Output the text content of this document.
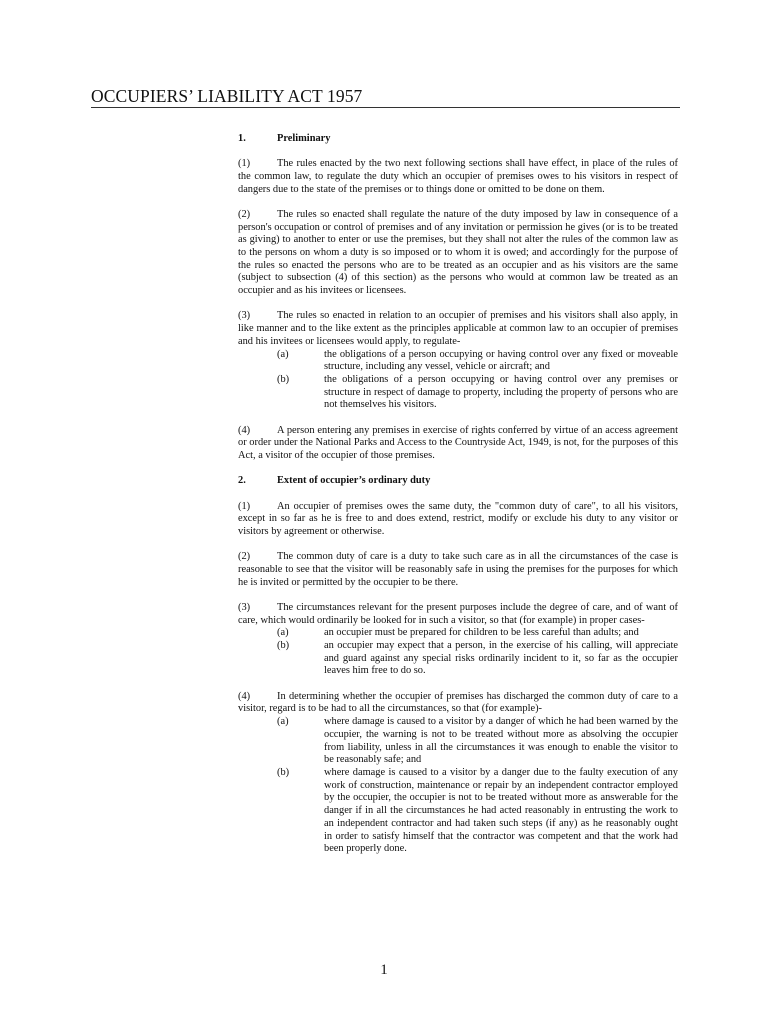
OCCUPIERS’ LIABILITY ACT 1957
1.	Preliminary

(1)	The rules enacted by the two next following sections shall have effect, in place of the rules of the common law, to regulate the duty which an occupier of premises owes to his visitors in respect of dangers due to the state of the premises or to things done or omitted to be done on them.

(2)	The rules so enacted shall regulate the nature of the duty imposed by law in consequence of a person's occupation or control of premises and of any invitation or permission he gives (or is to be treated as giving) to another to enter or use the premises, but they shall not alter the rules of the common law as to the persons on whom a duty is so imposed or to whom it is owed; and accordingly for the purpose of the rules so enacted the persons who are to be treated as an occupier and as his visitors are the same (subject to subsection (4) of this section) as the persons who would at common law be treated as an occupier and as his invitees or licensees.

(3)	The rules so enacted in relation to an occupier of premises and his visitors shall also apply, in like manner and to the like extent as the principles applicable at common law to an occupier of premises and his invitees or licensees would apply, to regulate-

(a)	the obligations of a person occupying or having control over any fixed or moveable structure, including any vessel, vehicle or aircraft; and
(b)	the obligations of a person occupying or having control over any premises or structure in respect of damage to property, including the property of persons who are not themselves his visitors.

(4)	A person entering any premises in exercise of rights conferred by virtue of an access agreement or order under the National Parks and Access to the Countryside Act, 1949, is not, for the purposes of this Act, a visitor of the occupier of those premises.

2.	Extent of occupier’s ordinary duty

(1)	An occupier of premises owes the same duty, the "common duty of care", to all his visitors, except in so far as he is free to and does extend, restrict, modify or exclude his duty to any visitor or visitors by agreement or otherwise.

(2)	The common duty of care is a duty to take such care as in all the circumstances of the case is reasonable to see that the visitor will be reasonably safe in using the premises for the purposes for which he is invited or permitted by the occupier to be there.

(3)	The circumstances relevant for the present purposes include the degree of care, and of want of care, which would ordinarily be looked for in such a visitor, so that (for example) in proper cases-

(a)	an occupier must be prepared for children to be less careful than adults; and
(b)	an occupier may expect that a person, in the exercise of his calling, will appreciate and guard against any special risks ordinarily incident to it, so far as the occupier leaves him free to do so.

(4)	In determining whether the occupier of premises has discharged the common duty of care to a visitor, regard is to be had to all the circumstances, so that (for example)-

(a)	where damage is caused to a visitor by a danger of which he had been warned by the occupier, the warning is not to be treated without more as absolving the occupier from liability, unless in all the circumstances it was enough to enable the visitor to be reasonably safe; and
(b)	where damage is caused to a visitor by a danger due to the faulty execution of any work of construction, maintenance or repair by an independent contractor employed by the occupier, the occupier is not to be treated without more as answerable for the danger if in all the circumstances he had acted reasonably in entrusting the work to an independent contractor and had taken such steps (if any) as he reasonably ought in order to satisfy himself that the contractor was competent and that the work had been properly done.
1
